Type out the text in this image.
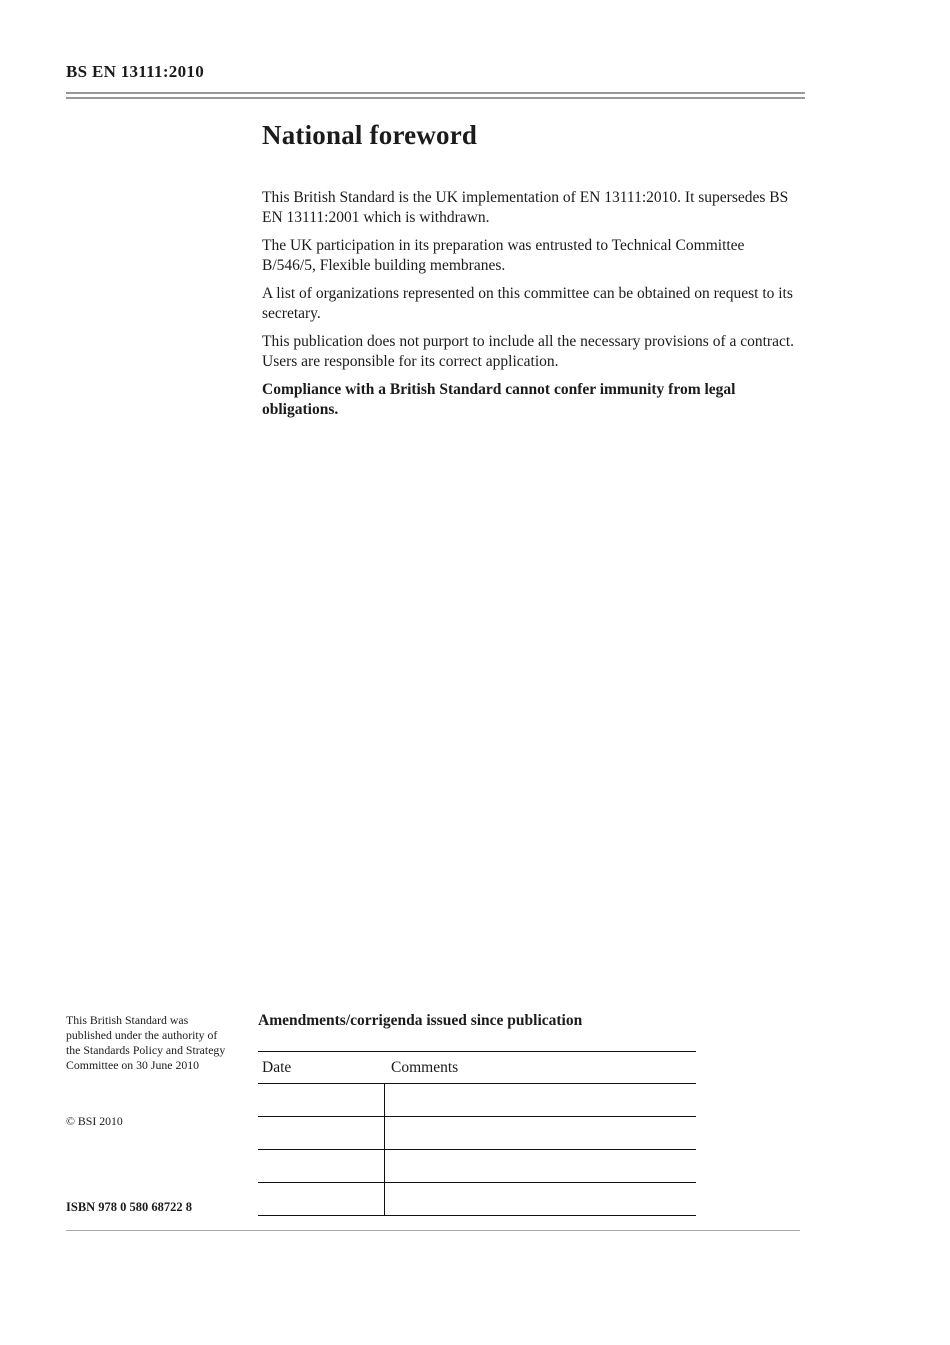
BS EN 13111:2010
National foreword
This British Standard is the UK implementation of EN 13111:2010. It supersedes BS EN 13111:2001 which is withdrawn.
The UK participation in its preparation was entrusted to Technical Committee B/546/5, Flexible building membranes.
A list of organizations represented on this committee can be obtained on request to its secretary.
This publication does not purport to include all the necessary provisions of a contract. Users are responsible for its correct application.
Compliance with a British Standard cannot confer immunity from legal obligations.
This British Standard was published under the authority of the Standards Policy and Strategy Committee on 30 June 2010
© BSI 2010
ISBN 978 0 580 68722 8
Amendments/corrigenda issued since publication
Date	Comments
